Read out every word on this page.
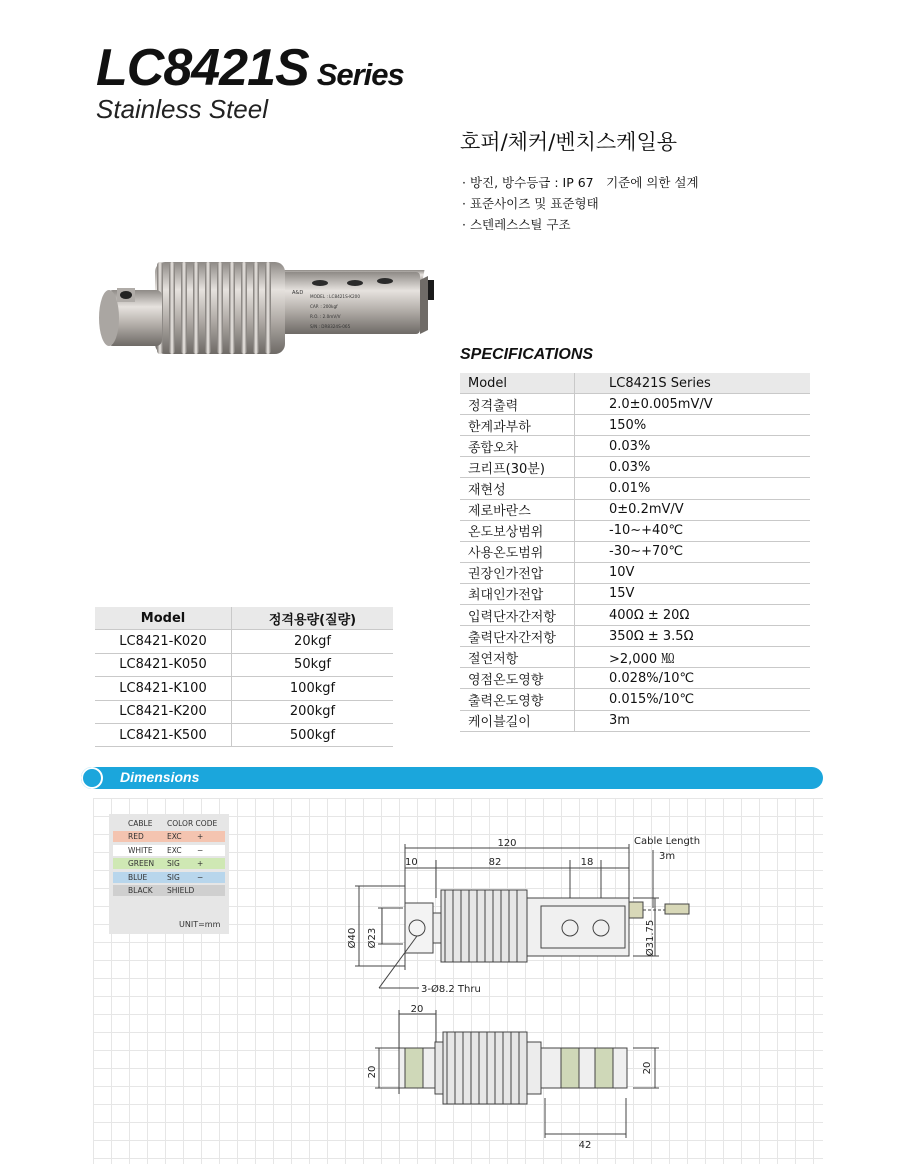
LC8421S Series
Stainless Steel
호퍼/체커/벤치스케일용
· 방진, 방수등급 : IP 67　기준에 의한 설계
· 표준사이즈 및 표준형태
· 스텐레스스틸 구조
A&D
MODEL : LC8421S-K200
CAP. : 200kgf
R.O. : 2.0mV/V
S/N : DR8324S-065
SPECIFICATIONS
Model	LC8421S Series
정격출력	2.0±0.005mV/V
한계과부하	150%
종합오차	0.03%
크리프(30분)	0.03%
재현성	0.01%
제로바란스	0±0.2mV/V
온도보상범위	-10~+40℃
사용온도범위	-30~+70℃
권장인가전압	10V
최대인가전압	15V
입력단자간저항	400Ω ± 20Ω
출력단자간저항	350Ω ± 3.5Ω
절연저항	>2,000 ㏁
영점온도영향	0.028%/10℃
출력온도영향	0.015%/10℃
케이블길이	3m
Model	정격용량(질량)
LC8421-K020	20kgf
LC8421-K050	50kgf
LC8421-K100	100kgf
LC8421-K200	200kgf
LC8421-K500	500kgf
Dimensions
CABLE COLOR CODE
RED	EXC +
WHITE EXC −
GREEN SIG +
BLUE	SIG −
BLACK SHIELD
UNIT=mm
120
10	82	18
Cable Length
3m
Ø40 Ø23	Ø31.75
3-Ø8.2 Thru
20
20	20
42
